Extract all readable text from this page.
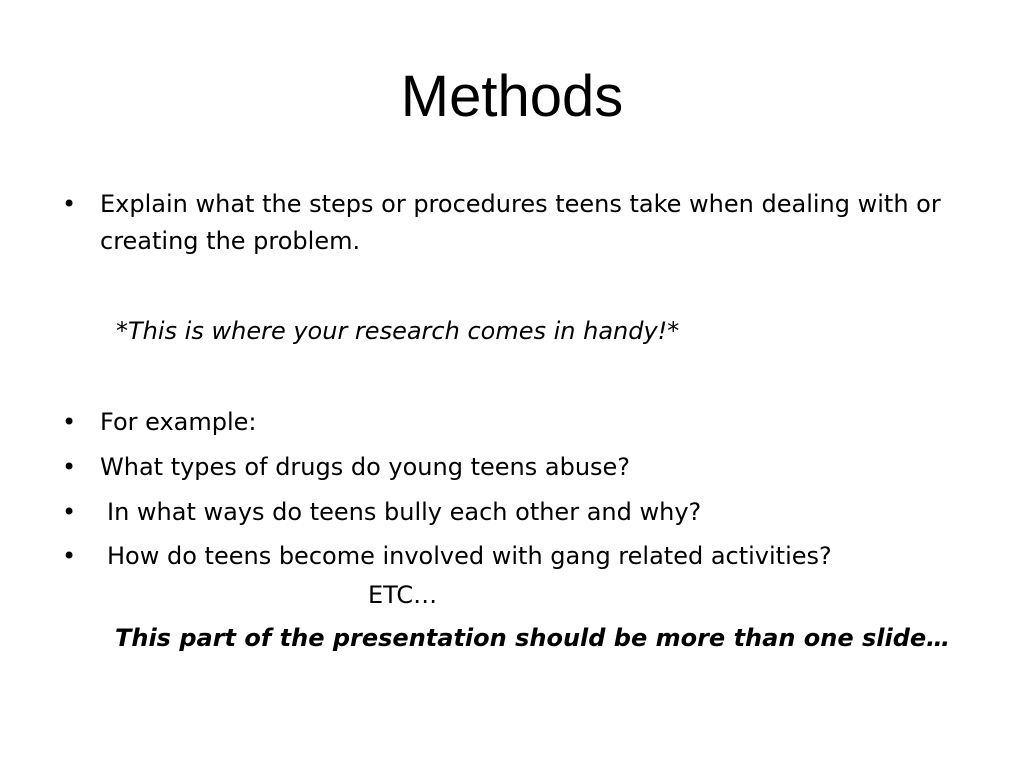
Methods
• Explain what the steps or procedures teens take when dealing with or creating the problem.
*This is where your research comes in handy!*
• For example:
• What types of drugs do young teens abuse?
• In what ways do teens bully each other and why?
• How do teens become involved with gang related activities?
ETC…
This part of the presentation should be more than one slide…
